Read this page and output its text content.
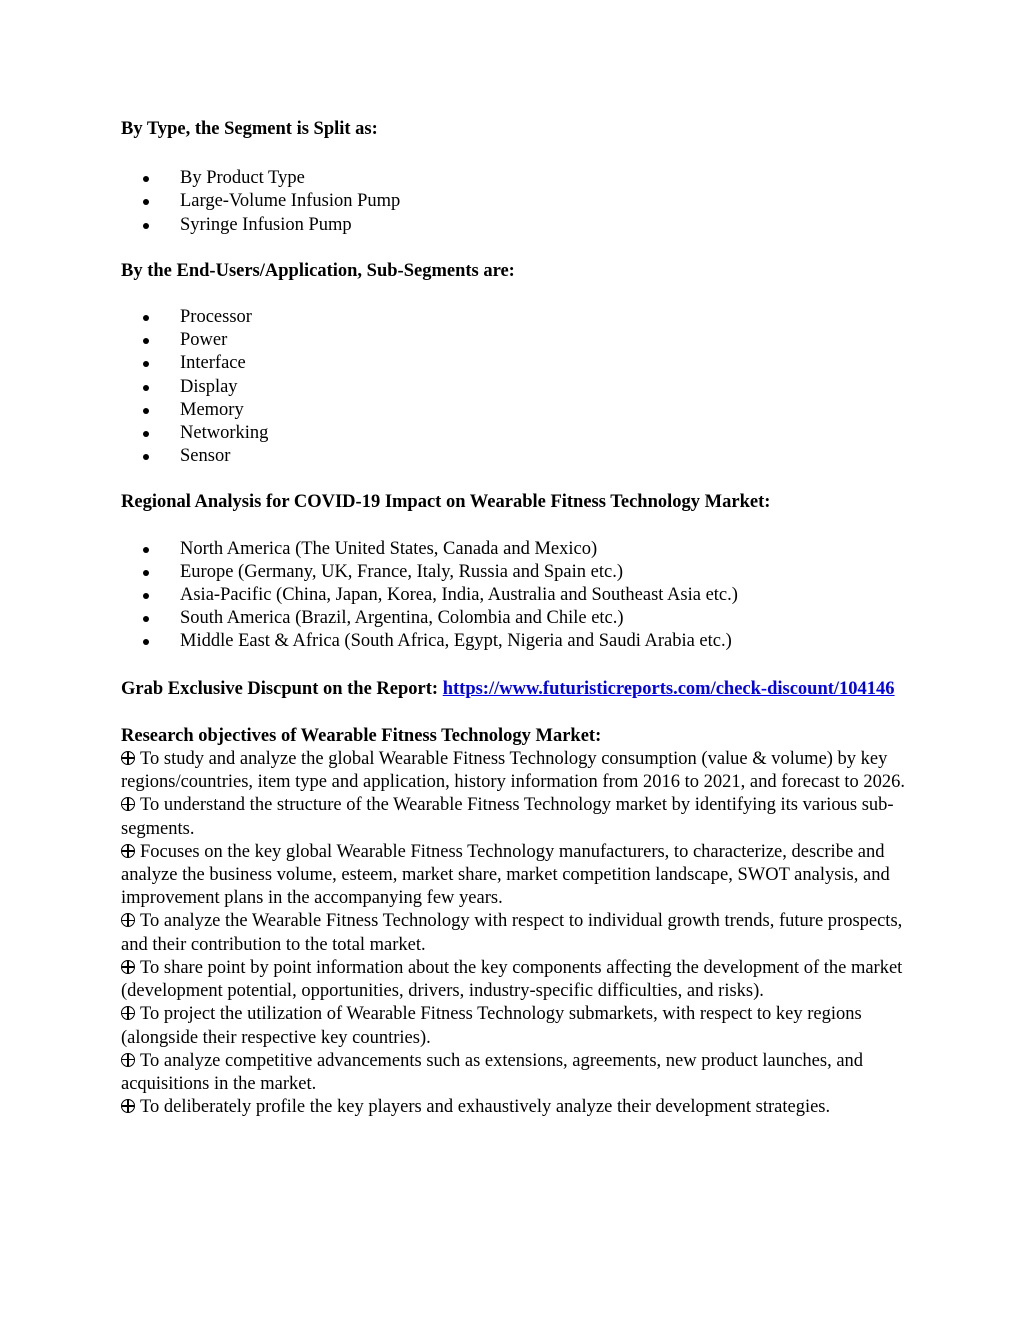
By Type, the Segment is Split as:
By Product Type
Large-Volume Infusion Pump
Syringe Infusion Pump
By the End-Users/Application, Sub-Segments are:
Processor
Power
Interface
Display
Memory
Networking
Sensor
Regional Analysis for COVID-19 Impact on Wearable Fitness Technology Market:
North America (The United States, Canada and Mexico)
Europe (Germany, UK, France, Italy, Russia and Spain etc.)
Asia-Pacific (China, Japan, Korea, India, Australia and Southeast Asia etc.)
South America (Brazil, Argentina, Colombia and Chile etc.)
Middle East & Africa (South Africa, Egypt, Nigeria and Saudi Arabia etc.)

Grab Exclusive Discpunt on the Report: https://www.futuristicreports.com/check-discount/104146

Research objectives of Wearable Fitness Technology Market:

To study and analyze the global Wearable Fitness Technology consumption (value & volume) by key regions/countries, item type and application, history information from 2016 to 2021, and forecast to 2026.

To understand the structure of the Wearable Fitness Technology market by identifying its various sub-segments.

Focuses on the key global Wearable Fitness Technology manufacturers, to characterize, describe and analyze the business volume, esteem, market share, market competition landscape, SWOT analysis, and improvement plans in the accompanying few years.

To analyze the Wearable Fitness Technology with respect to individual growth trends, future prospects, and their contribution to the total market.

To share point by point information about the key components affecting the development of the market (development potential, opportunities, drivers, industry-specific difficulties, and risks).

To project the utilization of Wearable Fitness Technology submarkets, with respect to key regions (alongside their respective key countries).

To analyze competitive advancements such as extensions, agreements, new product launches, and acquisitions in the market.

To deliberately profile the key players and exhaustively analyze their development strategies.
